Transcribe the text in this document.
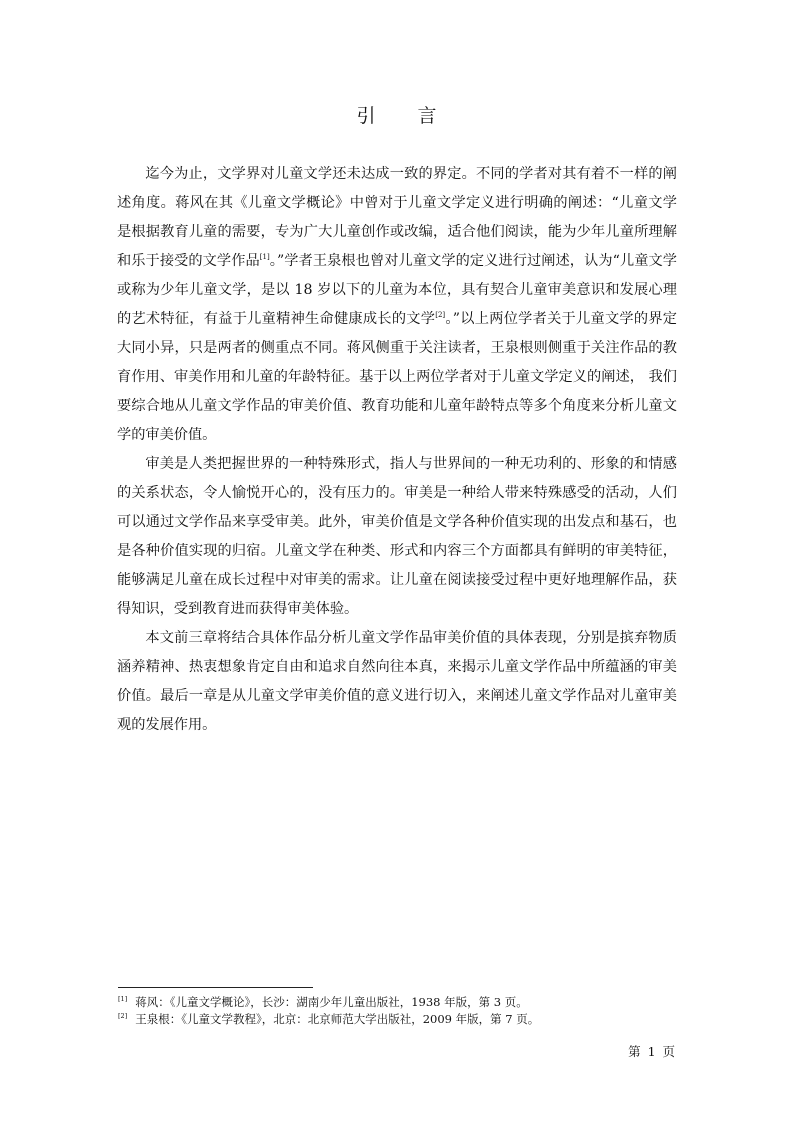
引 言

迄今为止，文学界对儿童文学还未达成一致的界定。不同的学者对其有着不一样的阐述角度。蒋风在其《儿童文学概论》中曾对于儿童文学定义进行明确的阐述：“儿童文学是根据教育儿童的需要，专为广大儿童创作或改编，适合他们阅读，能为少年儿童所理解和乐于接受的文学作品[1]。”学者王泉根也曾对儿童文学的定义进行过阐述，认为“儿童文学或称为少年儿童文学，是以 18 岁以下的儿童为本位，具有契合儿童审美意识和发展心理的艺术特征，有益于儿童精神生命健康成长的文学[2]。”以上两位学者关于儿童文学的界定大同小异，只是两者的侧重点不同。蒋风侧重于关注读者，王泉根则侧重于关注作品的教育作用、审美作用和儿童的年龄特征。基于以上两位学者对于儿童文学定义的阐述， 我们要综合地从儿童文学作品的审美价值、教育功能和儿童年龄特点等多个角度来分析儿童文学的审美价值。

审美是人类把握世界的一种特殊形式，指人与世界间的一种无功利的、形象的和情感的关系状态，令人愉悦开心的，没有压力的。审美是一种给人带来特殊感受的活动，人们可以通过文学作品来享受审美。此外，审美价值是文学各种价值实现的出发点和基石，也是各种价值实现的归宿。儿童文学在种类、形式和内容三个方面都具有鲜明的审美特征，能够满足儿童在成长过程中对审美的需求。让儿童在阅读接受过程中更好地理解作品，获得知识，受到教育进而获得审美体验。

本文前三章将结合具体作品分析儿童文学作品审美价值的具体表现，分别是摈弃物质涵养精神、热衷想象肯定自由和追求自然向往本真，来揭示儿童文学作品中所蕴涵的审美价值。最后一章是从儿童文学审美价值的意义进行切入，来阐述儿童文学作品对儿童审美观的发展作用。

[1] 蒋风：《儿童文学概论》，长沙：湖南少年儿童出版社，1938 年版，第 3 页。
[2] 王泉根：《儿童文学教程》，北京：北京师范大学出版社，2009 年版，第 7 页。
第 1 页
